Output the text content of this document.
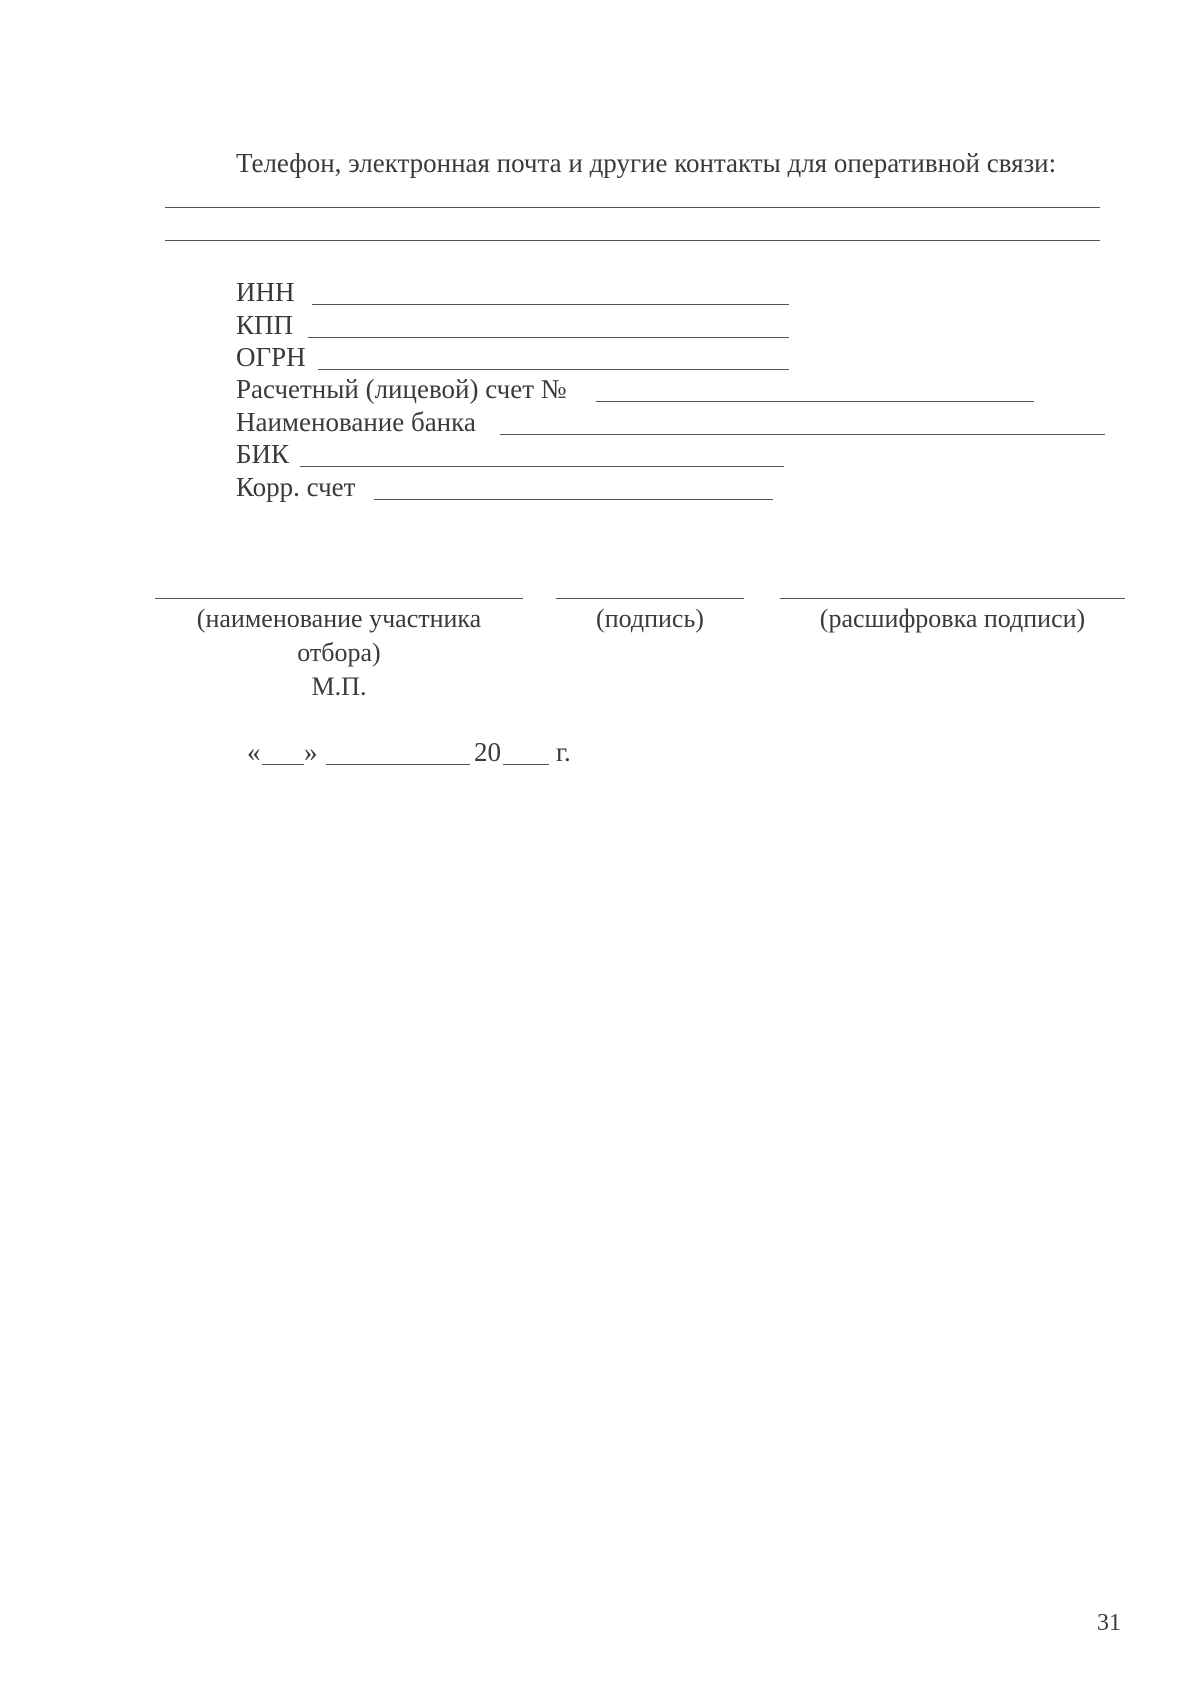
Телефон, электронная почта и другие контакты для оперативной связи:
ИНН
КПП
ОГРН
Расчетный (лицевой) счет №
Наименование банка
БИК
Корр. счет
(наименование участника
отбора)
М.П.
(подпись)	(расшифровка подписи)
« »	20 г.
31
